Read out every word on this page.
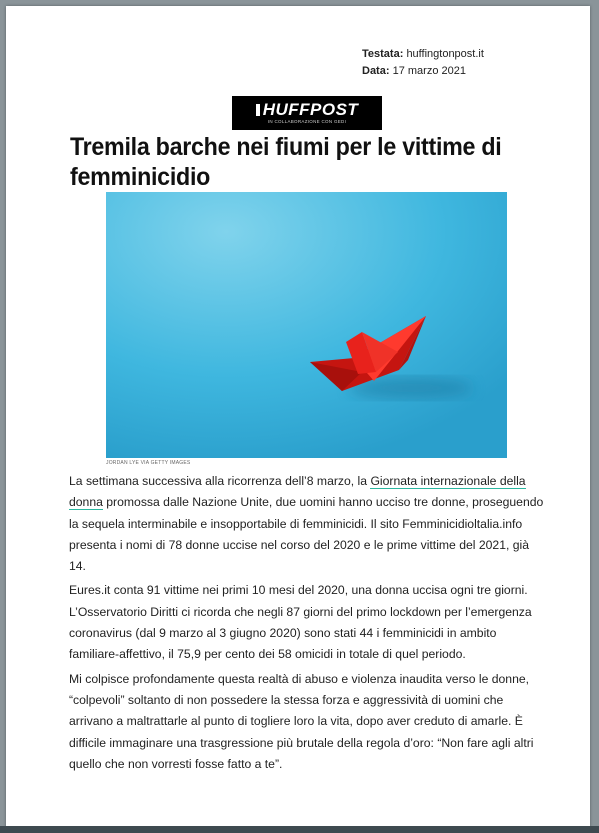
Testata: huffingtonpost.it
Data: 17 marzo 2021
HUFFPOST
IN COLLABORAZIONE CON GEDI
Tremila barche nei fiumi per le vittime di femminicidio
JORDAN LYE VIA GETTY IMAGES

La settimana successiva alla ricorrenza dell’8 marzo, la Giornata internazionale della donna promossa dalle Nazione Unite, due uomini hanno ucciso tre donne, proseguendo la sequela interminabile e insopportabile di femminicidi. Il sito Femminicidioltalia.info presenta i nomi di 78 donne uccise nel corso del 2020 e le prime vittime del 2021, già 14.

Eures.it conta 91 vittime nei primi 10 mesi del 2020, una donna uccisa ogni tre giorni. L’Osservatorio Diritti ci ricorda che negli 87 giorni del primo lockdown per l’emergenza coronavirus (dal 9 marzo al 3 giugno 2020) sono stati 44 i femminicidi in ambito familiare-affettivo, il 75,9 per cento dei 58 omicidi in totale di quel periodo.

Mi colpisce profondamente questa realtà di abuso e violenza inaudita verso le donne, “colpevoli” soltanto di non possedere la stessa forza e aggressività di uomini che arrivano a maltrattarle al punto di togliere loro la vita, dopo aver creduto di amarle. È difficile immaginare una trasgressione più brutale della regola d’oro: “Non fare agli altri quello che non vorresti fosse fatto a te”.
